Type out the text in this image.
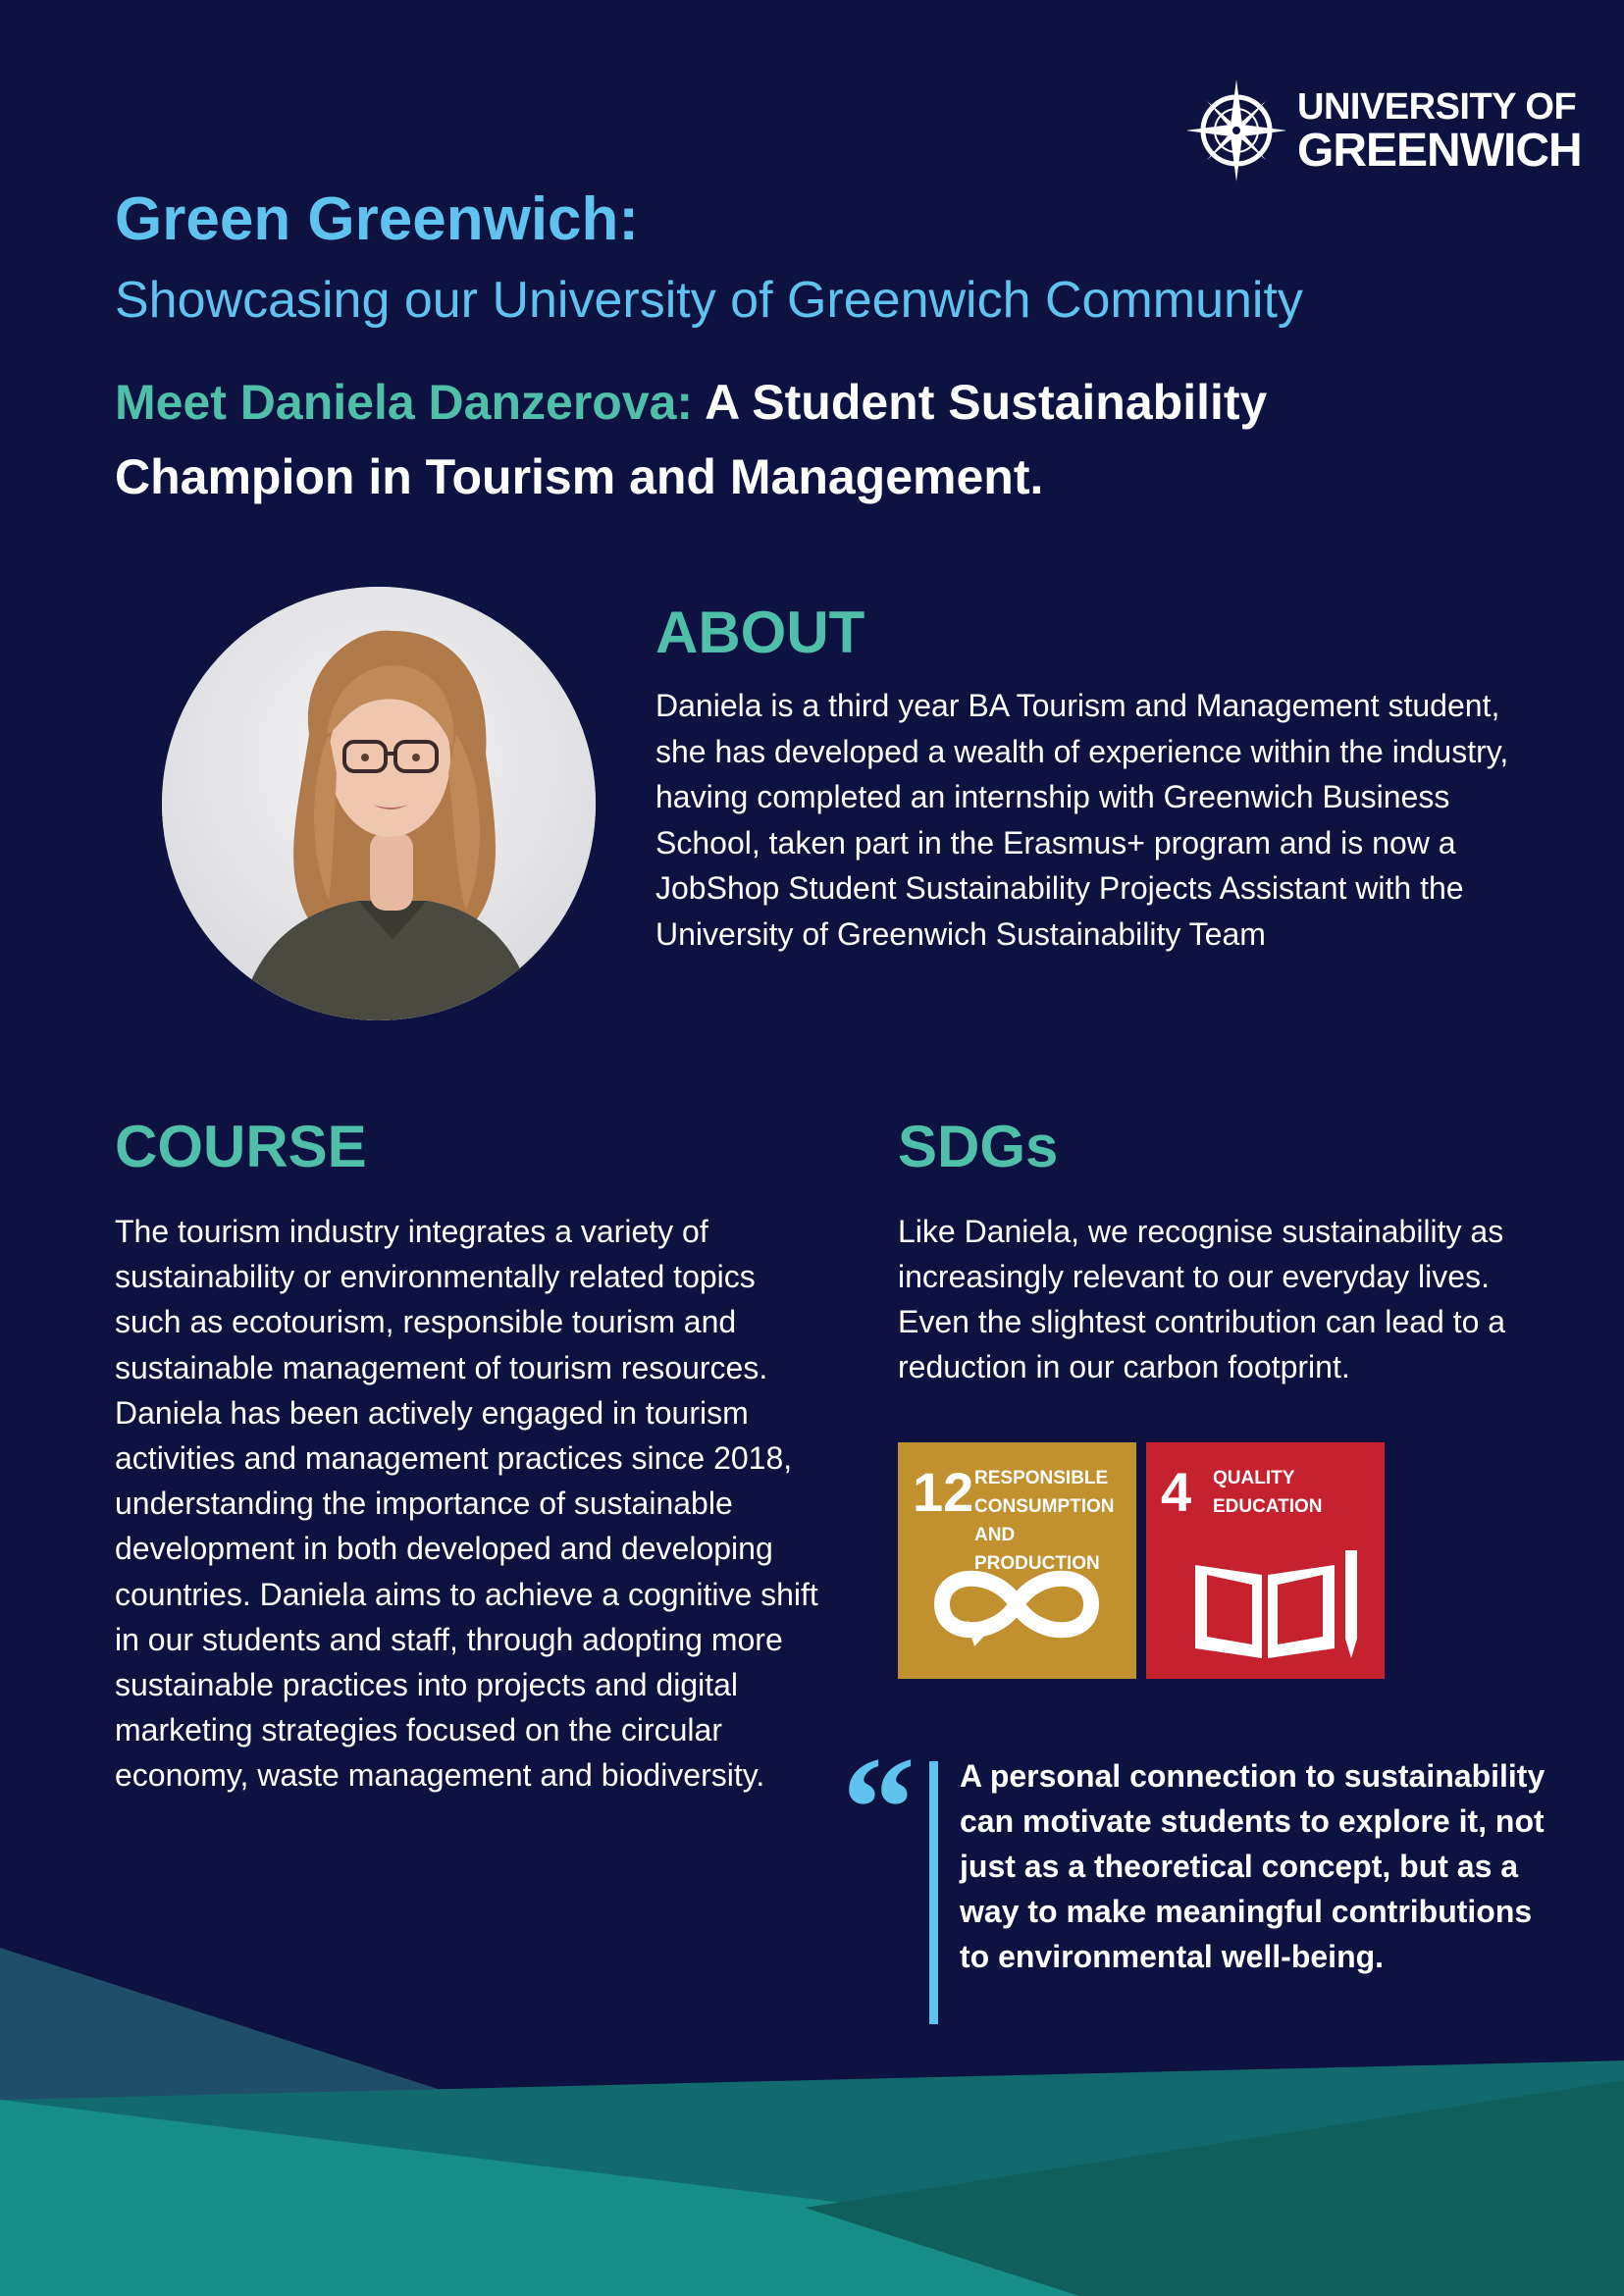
UNIVERSITY OF
GREENWICH
Green Greenwich:
Showcasing our University of Greenwich Community
Meet Daniela Danzerova: A Student Sustainability Champion in Tourism and Management.
ABOUT
Daniela is a third year BA Tourism and Management student, she has developed a wealth of experience within the industry, having completed an internship with Greenwich Business School, taken part in the Erasmus+ program and is now a JobShop Student Sustainability Projects Assistant with the University of Greenwich Sustainability Team
COURSE
The tourism industry integrates a variety of sustainability or environmentally related topics such as ecotourism, responsible tourism and sustainable management of tourism resources. Daniela has been actively engaged in tourism activities and management practices since 2018, understanding the importance of sustainable development in both developed and developing countries. Daniela aims to achieve a cognitive shift in our students and staff, through adopting more sustainable practices into projects and digital marketing strategies focused on the circular economy, waste management and biodiversity.
SDGs
Like Daniela, we recognise sustainability as increasingly relevant to our everyday lives. Even the slightest contribution can lead to a reduction in our carbon footprint.
12 RESPONSIBLE CONSUMPTION AND PRODUCTION
4 QUALITY EDUCATION
“ A personal connection to sustainability can motivate students to explore it, not just as a theoretical concept, but as a way to make meaningful contributions to environmental well-being.
